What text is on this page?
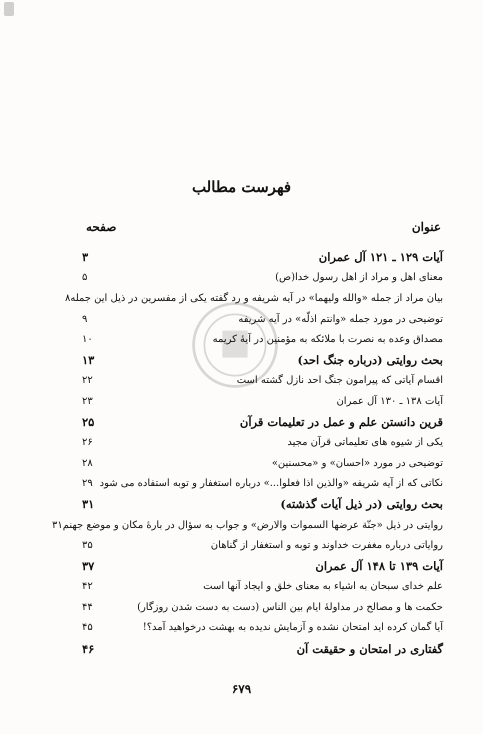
فهرست مطالب
عنوان
صفحه
آیات ۱۲۹ ـ ۱۲۱ آل عمران
۳
معنای اهل و مراد از اهل رسول خدا(ص)
۵
بیان مراد از جمله «والله ولیهما» در آیه شریفه و رد گفته یکی از مفسرین در ذیل این جمله
۸
توضیحی در مورد جمله «وانتم اذلّه» در آیه شریفه
۹
مصداق وعده به نصرت با ملائکه به مؤمنین در آیهٔ کریمه
۱۰
بحث روایتی (درباره جنگ احد)
۱۳
اقسام آیاتی که پیرامون جنگ احد نازل گشته است
۲۲
آیات ۱۳۸ ـ ۱۳۰ آل عمران
۲۳
قرین دانستن علم و عمل در تعلیمات قرآن
۲۵
یکی از شیوه های تعلیماتی قرآن مجید
۲۶
توضیحی در مورد «احسان» و «محسنین»
۲۸
نکاتی که از آیه شریفه «والذین اذا فعلوا...» درباره استغفار و توبه استفاده می شود
۲۹
بحث روایتی (در ذیل آیات گذشته)
۳۱
روایتی در ذیل «جنّة عرضها السموات والارض» و جواب به سؤال در بارهٔ مکان و موضع جهنم
۳۱
روایاتی درباره مغفرت خداوند و توبه و استغفار از گناهان
۳۵
آیات ۱۳۹ تا ۱۴۸ آل عمران
۳۷
علم خدای سبحان به اشیاء به معنای خلق و ایجاد آنها است
۴۲
حکمت ها و مصالح در مداولهٔ ایام بین الناس (دست به دست شدن روزگار)
۴۴
آیا گمان کرده اید امتحان نشده و آزمایش ندیده به بهشت درخواهید آمد؟!
۴۵
گفتاری در امتحان و حقیقت آن
۴۶
۶۷۹
